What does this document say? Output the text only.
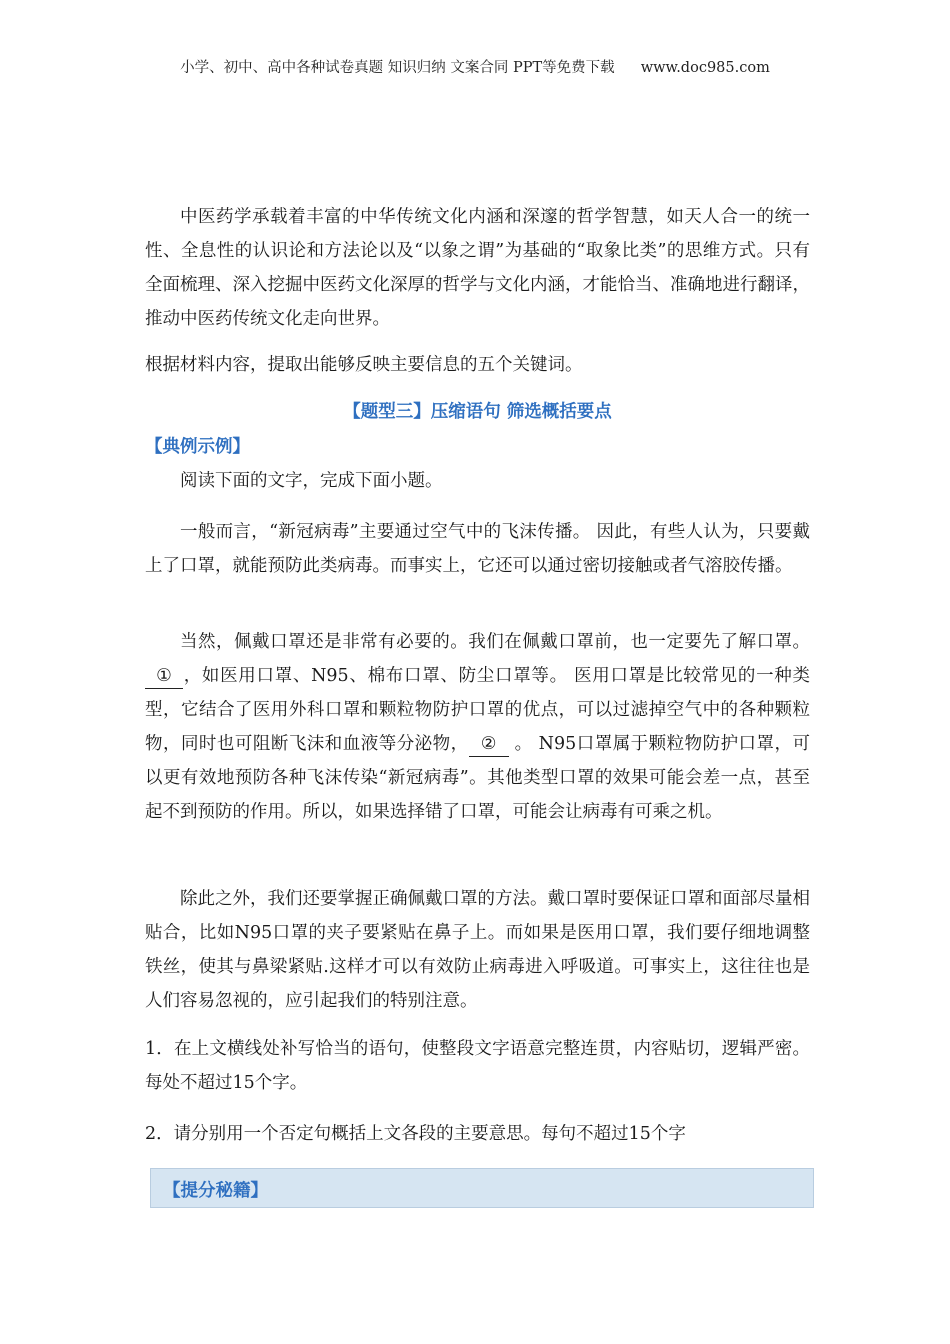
小学、初中、高中各种试卷真题 知识归纳 文案合同 PPT等免费下载 www.doc985.com

中医药学承载着丰富的中华传统文化内涵和深邃的哲学智慧，如天人合一的统一性、全息性的认识论和方法论以及“以象之谓”为基础的“取象比类”的思维方式。只有全面梳理、深入挖掘中医药文化深厚的哲学与文化内涵，才能恰当、准确地进行翻译，推动中医药传统文化走向世界。

根据材料内容，提取出能够反映主要信息的五个关键词。

【题型三】压缩语句 筛选概括要点
【典例示例】

阅读下面的文字，完成下面小题。

一般而言，“新冠病毒”主要通过空气中的飞沫传播。 因此，有些人认为，只要戴上了口罩，就能预防此类病毒。而事实上，它还可以通过密切接触或者气溶胶传播。

当然，佩戴口罩还是非常有必要的。我们在佩戴口罩前，也一定要先了解口罩。① ，如医用口罩、N95、棉布口罩、防尘口罩等。 医用口罩是比较常见的一种类型，它结合了医用外科口罩和颗粒物防护口罩的优点，可以过滤掉空气中的各种颗粒物，同时也可阻断飞沫和血液等分泌物， ② 。 N95口罩属于颗粒物防护口罩，可以更有效地预防各种飞沫传染“新冠病毒”。其他类型口罩的效果可能会差一点，甚至起不到预防的作用。所以，如果选择错了口罩，可能会让病毒有可乘之机。

除此之外，我们还要掌握正确佩戴口罩的方法。戴口罩时要保证口罩和面部尽量相贴合，比如N95口罩的夹子要紧贴在鼻子上。而如果是医用口罩，我们要仔细地调整铁丝，使其与鼻梁紧贴.这样才可以有效防止病毒进入呼吸道。可事实上，这往往也是人们容易忽视的，应引起我们的特别注意。

1．在上文横线处补写恰当的语句，使整段文字语意完整连贯，内容贴切，逻辑严密。每处不超过15个字。

2．请分别用一个否定句概括上文各段的主要意思。每句不超过15个字

【提分秘籍】
